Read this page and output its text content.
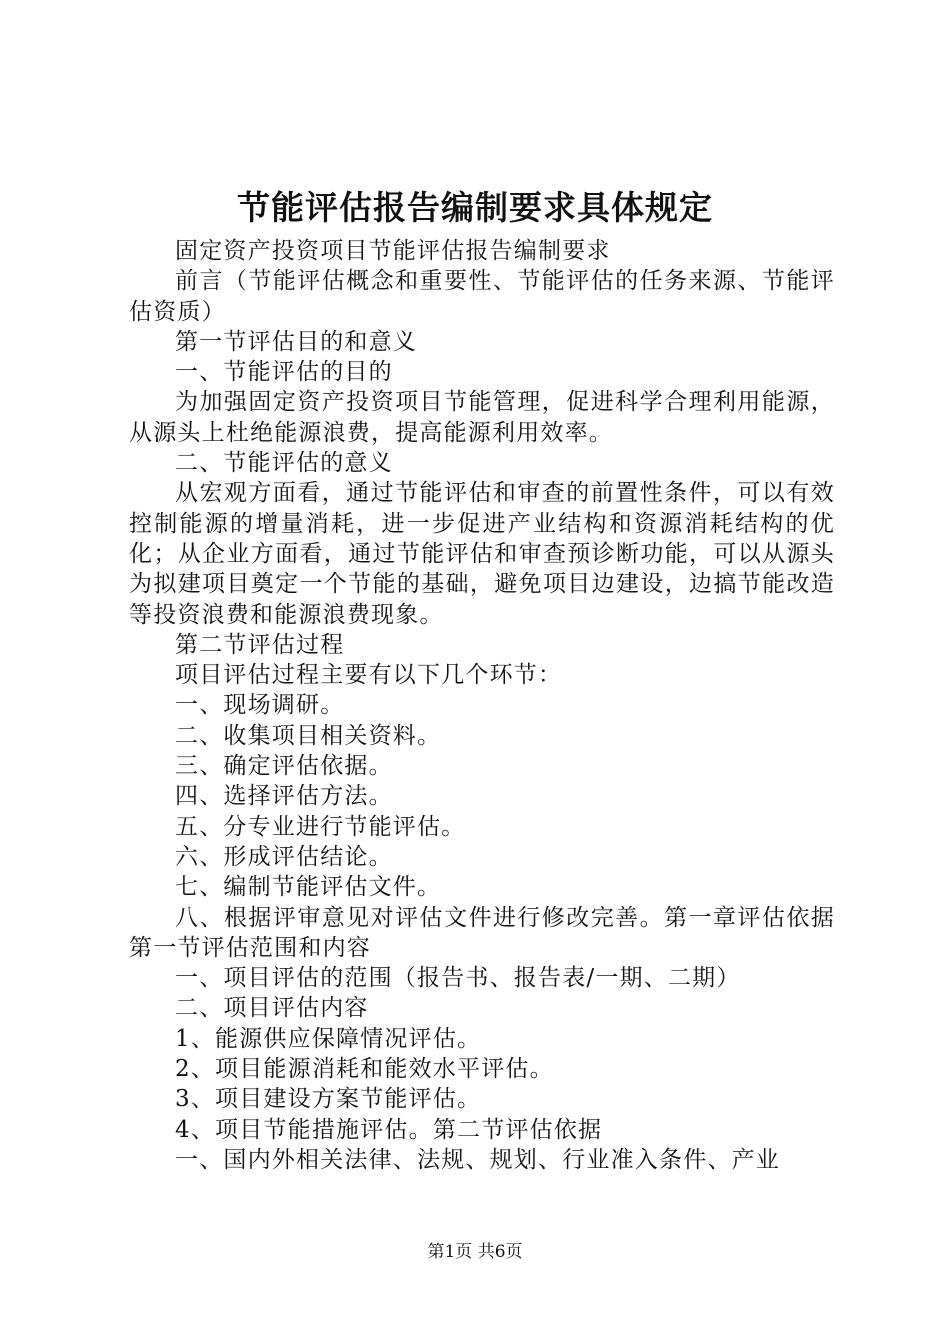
节能评估报告编制要求具体规定

固定资产投资项目节能评估报告编制要求

前言（节能评估概念和重要性、节能评估的任务来源、节能评估资质）

第一节评估目的和意义

一、节能评估的目的

为加强固定资产投资项目节能管理，促进科学合理利用能源，从源头上杜绝能源浪费，提高能源利用效率。

二、节能评估的意义

从宏观方面看，通过节能评估和审查的前置性条件，可以有效控制能源的增量消耗，进一步促进产业结构和资源消耗结构的优化；从企业方面看，通过节能评估和审查预诊断功能，可以从源头为拟建项目奠定一个节能的基础，避免项目边建设，边搞节能改造等投资浪费和能源浪费现象。

第二节评估过程

项目评估过程主要有以下几个环节：

一、现场调研。

二、收集项目相关资料。

三、确定评估依据。

四、选择评估方法。

五、分专业进行节能评估。

六、形成评估结论。

七、编制节能评估文件。

八、根据评审意见对评估文件进行修改完善。第一章评估依据第一节评估范围和内容

一、项目评估的范围（报告书、报告表/一期、二期）

二、项目评估内容

1、能源供应保障情况评估。

2、项目能源消耗和能效水平评估。

3、项目建设方案节能评估。

4、项目节能措施评估。第二节评估依据

一、国内外相关法律、法规、规划、行业准入条件、产业

第1页 共6页
